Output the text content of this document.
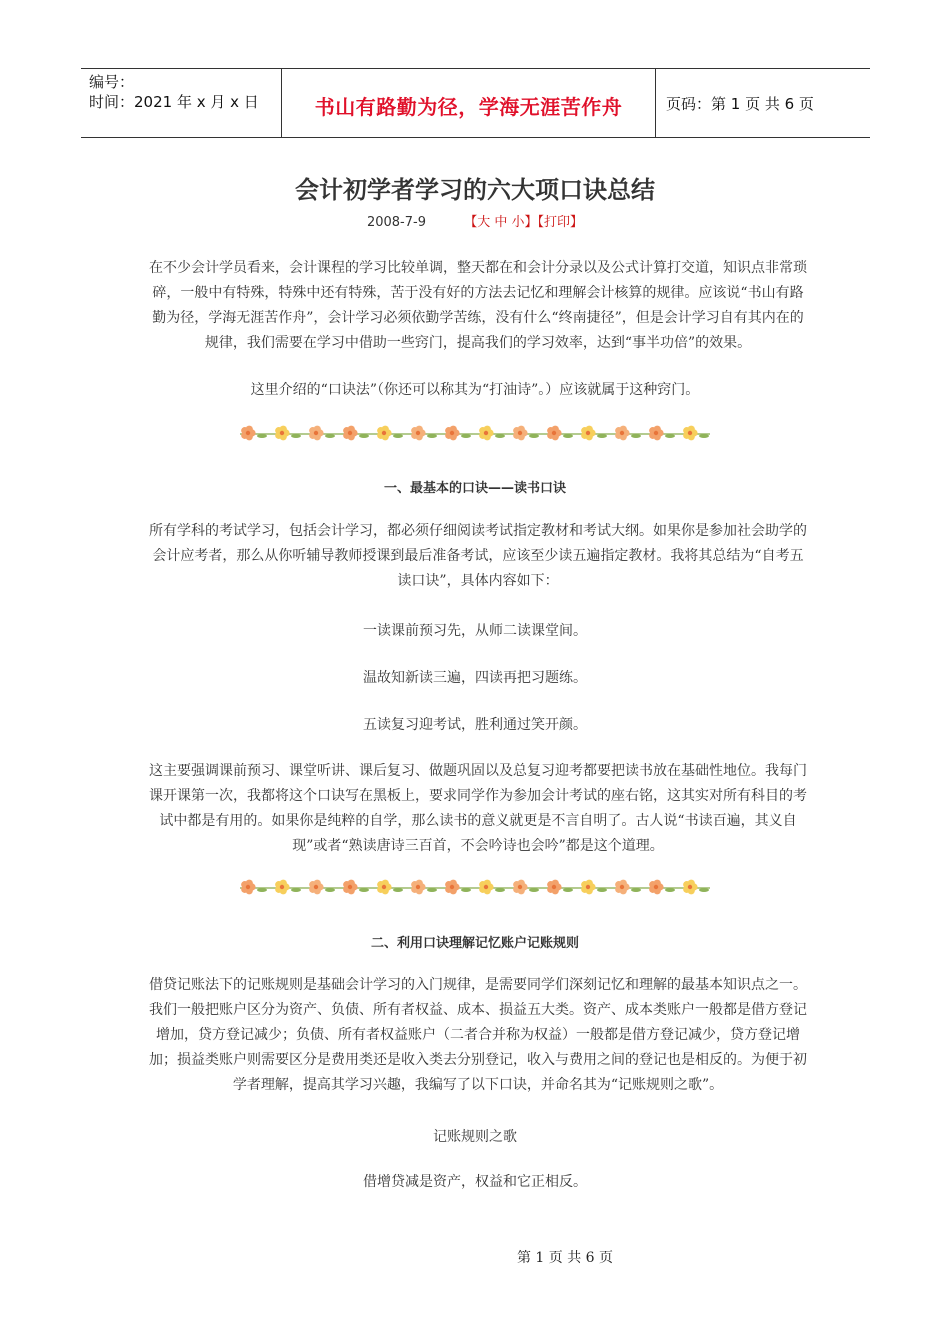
编号：
时间：2021 年 x 月 x 日	书山有路勤为径，学海无涯苦作舟	页码：第 1 页 共 6 页
会计初学者学习的六大项口诀总结
2008-7-9	【大 中 小】【打印】
在不少会计学员看来，会计课程的学习比较单调，整天都在和会计分录以及公式计算打交道，知识点非常琐碎，一般中有特殊，特殊中还有特殊，苦于没有好的方法去记忆和理解会计核算的规律。应该说“书山有路勤为径，学海无涯苦作舟”，会计学习必须依勤学苦练，没有什么“终南捷径”，但是会计学习自有其内在的规律，我们需要在学习中借助一些窍门，提高我们的学习效率，达到“事半功倍”的效果。
这里介绍的“口诀法”（你还可以称其为“打油诗”。）应该就属于这种窍门。
一、最基本的口诀——读书口诀
所有学科的考试学习，包括会计学习，都必须仔细阅读考试指定教材和考试大纲。如果你是参加社会助学的会计应考者，那么从你听辅导教师授课到最后准备考试，应该至少读五遍指定教材。我将其总结为“自考五读口诀”，具体内容如下：
一读课前预习先，从师二读课堂间。
温故知新读三遍，四读再把习题练。
五读复习迎考试，胜利通过笑开颜。
这主要强调课前预习、课堂听讲、课后复习、做题巩固以及总复习迎考都要把读书放在基础性地位。我每门课开课第一次，我都将这个口诀写在黑板上，要求同学作为参加会计考试的座右铭，这其实对所有科目的考试中都是有用的。如果你是纯粹的自学，那么读书的意义就更是不言自明了。古人说“书读百遍，其义自现”或者“熟读唐诗三百首，不会吟诗也会吟”都是这个道理。
二、利用口诀理解记忆账户记账规则
借贷记账法下的记账规则是基础会计学习的入门规律，是需要同学们深刻记忆和理解的最基本知识点之一。我们一般把账户区分为资产、负债、所有者权益、成本、损益五大类。资产、成本类账户一般都是借方登记增加，贷方登记减少；负债、所有者权益账户（二者合并称为权益）一般都是借方登记减少，贷方登记增加；损益类账户则需要区分是费用类还是收入类去分别登记，收入与费用之间的登记也是相反的。为便于初学者理解，提高其学习兴趣，我编写了以下口诀，并命名其为“记账规则之歌”。
记账规则之歌
借增贷减是资产，权益和它正相反。
第 1 页 共 6 页
